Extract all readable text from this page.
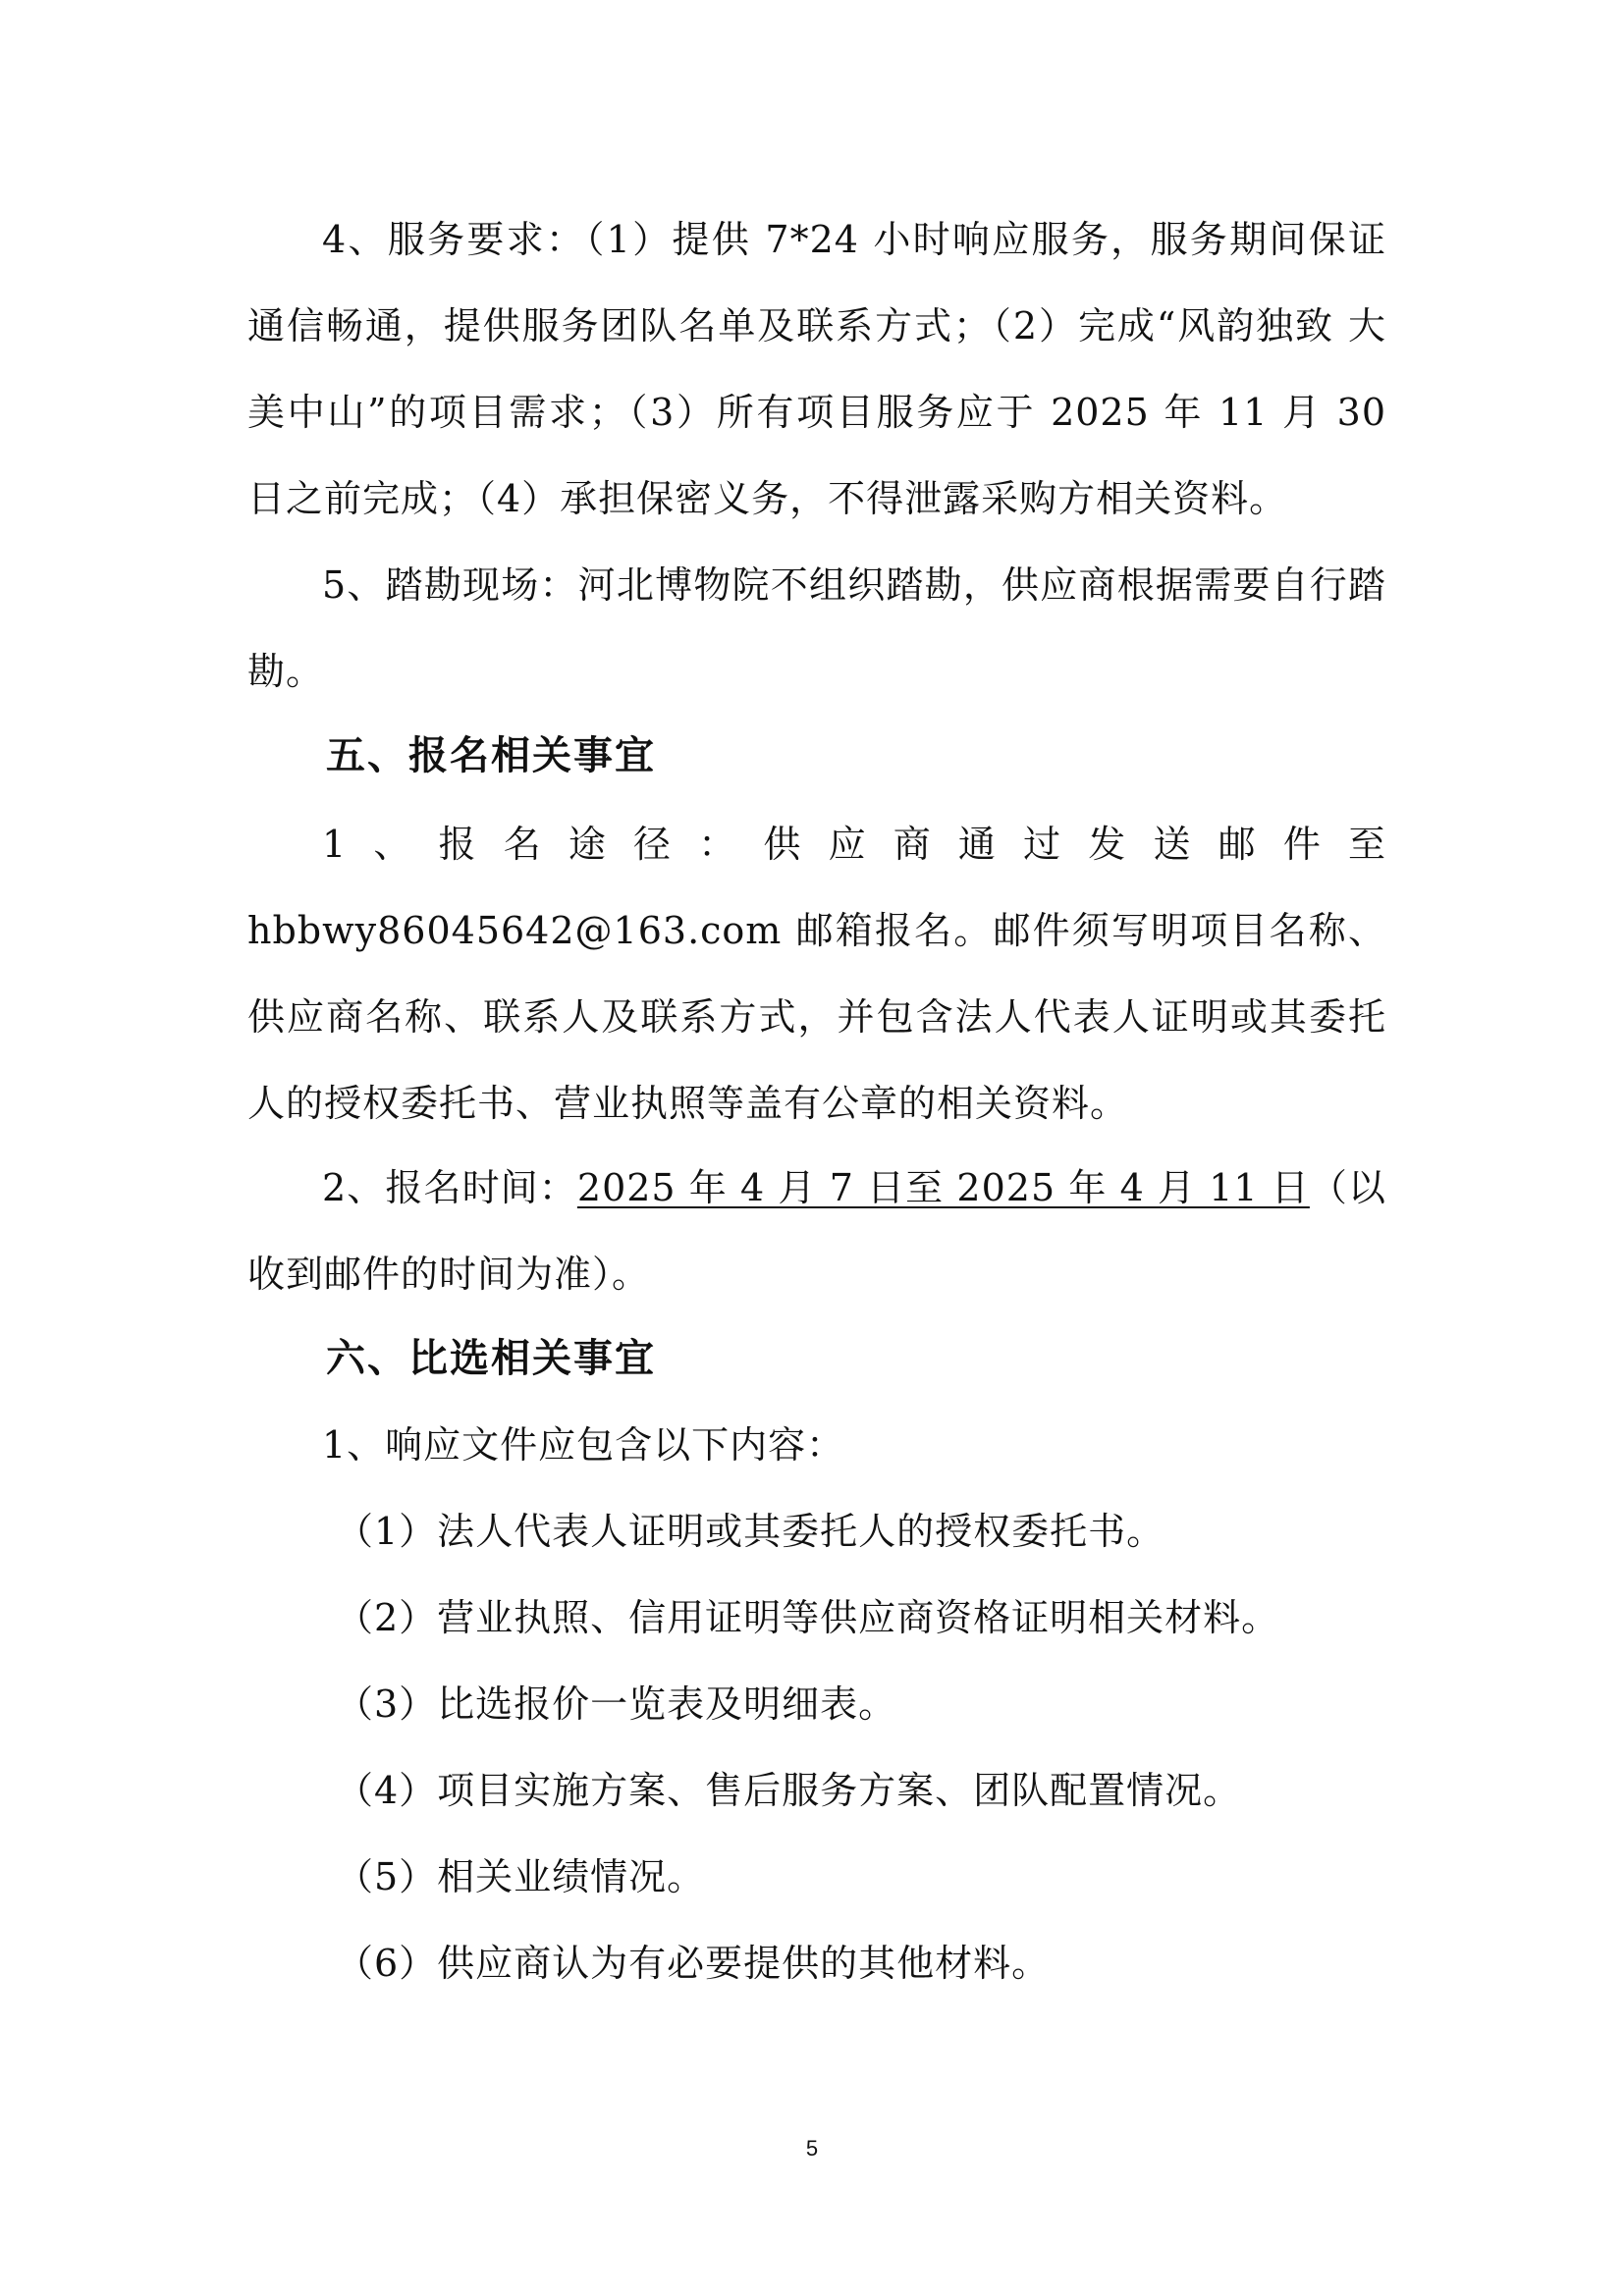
4、服务要求：（1）提供 7*24 小时响应服务，服务期间保证通信畅通，提供服务团队名单及联系方式；（2）完成“风韵独致 大美中山”的项目需求；（3）所有项目服务应于 2025 年 11 月 30 日之前完成；（4）承担保密义务，不得泄露采购方相关资料。

5、踏勘现场：河北博物院不组织踏勘，供应商根据需要自行踏勘。

五、报名相关事宜

1、报名途径：供应商通过发送邮件至 hbbwy86045642@163.com 邮箱报名。邮件须写明项目名称、供应商名称、联系人及联系方式，并包含法人代表人证明或其委托人的授权委托书、营业执照等盖有公章的相关资料。

2、报名时间：2025 年 4 月 7 日至 2025 年 4 月 11 日（以收到邮件的时间为准）。

六、比选相关事宜

1、响应文件应包含以下内容：

（1）法人代表人证明或其委托人的授权委托书。

（2）营业执照、信用证明等供应商资格证明相关材料。

（3）比选报价一览表及明细表。

（4）项目实施方案、售后服务方案、团队配置情况。

（5）相关业绩情况。

（6）供应商认为有必要提供的其他材料。

5
